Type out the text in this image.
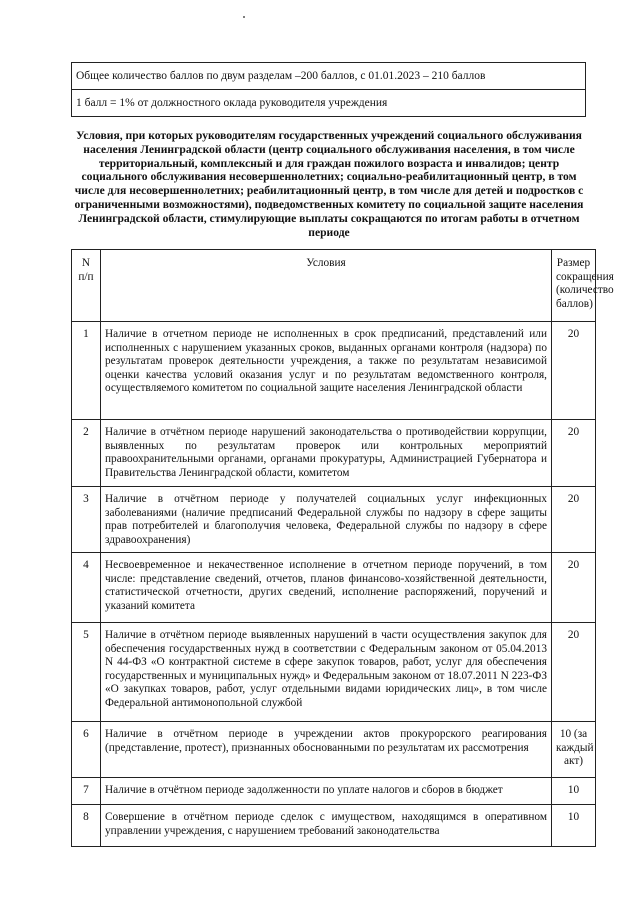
Общее количество баллов по двум разделам –200 баллов, с 01.01.2023 – 210 баллов
1 балл = 1% от должностного оклада руководителя учреждения

Условия, при которых руководителям государственных учреждений социального обслуживания населения Ленинградской области (центр социального обслуживания населения, в том числе территориальный, комплексный и для граждан пожилого возраста и инвалидов; центр социального обслуживания несовершеннолетних; социально-реабилитационный центр, в том числе для несовершеннолетних; реабилитационный центр, в том числе для детей и подростков с ограниченными возможностями), подведомственных комитету по социальной защите населения Ленинградской области, стимулирующие выплаты сокращаются по итогам работы в отчетном периоде

N п/п	Условия	Размер сокращения (количество баллов)
1	Наличие в отчетном периоде не исполненных в срок предписаний, представлений или исполненных с нарушением указанных сроков, выданных органами контроля (надзора) по результатам проверок деятельности учреждения, а также по результатам независимой оценки качества условий оказания услуг и по результатам ведомственного контроля, осуществляемого комитетом по социальной защите населения Ленинградской области	20
2	Наличие в отчётном периоде нарушений законодательства о противодействии коррупции, выявленных по результатам проверок или контрольных мероприятий правоохранительными органами, органами прокуратуры, Администрацией Губернатора и Правительства Ленинградской области, комитетом	20
3	Наличие в отчётном периоде у получателей социальных услуг инфекционных заболеваниями (наличие предписаний Федеральной службы по надзору в сфере защиты прав потребителей и благополучия человека, Федеральной службы по надзору в сфере здравоохранения)	20
4	Несвоевременное и некачественное исполнение в отчетном периоде поручений, в том числе: представление сведений, отчетов, планов финансово-хозяйственной деятельности, статистической отчетности, других сведений, исполнение распоряжений, поручений и указаний комитета	20
5	Наличие в отчётном периоде выявленных нарушений в части осуществления закупок для обеспечения государственных нужд в соответствии с Федеральным законом от 05.04.2013 N 44-ФЗ «О контрактной системе в сфере закупок товаров, работ, услуг для обеспечения государственных и муниципальных нужд» и Федеральным законом от 18.07.2011 N 223-ФЗ «О закупках товаров, работ, услуг отдельными видами юридических лиц», в том числе Федеральной антимонопольной службой	20
6	Наличие в отчётном периоде в учреждении актов прокурорского реагирования (представление, протест), признанных обоснованными по результатам их рассмотрения	10 (за каждый акт)
7	Наличие в отчётном периоде задолженности по уплате налогов и сборов в бюджет	10
8	Совершение в отчётном периоде сделок с имуществом, находящимся в оперативном управлении учреждения, с нарушением требований законодательства	10
